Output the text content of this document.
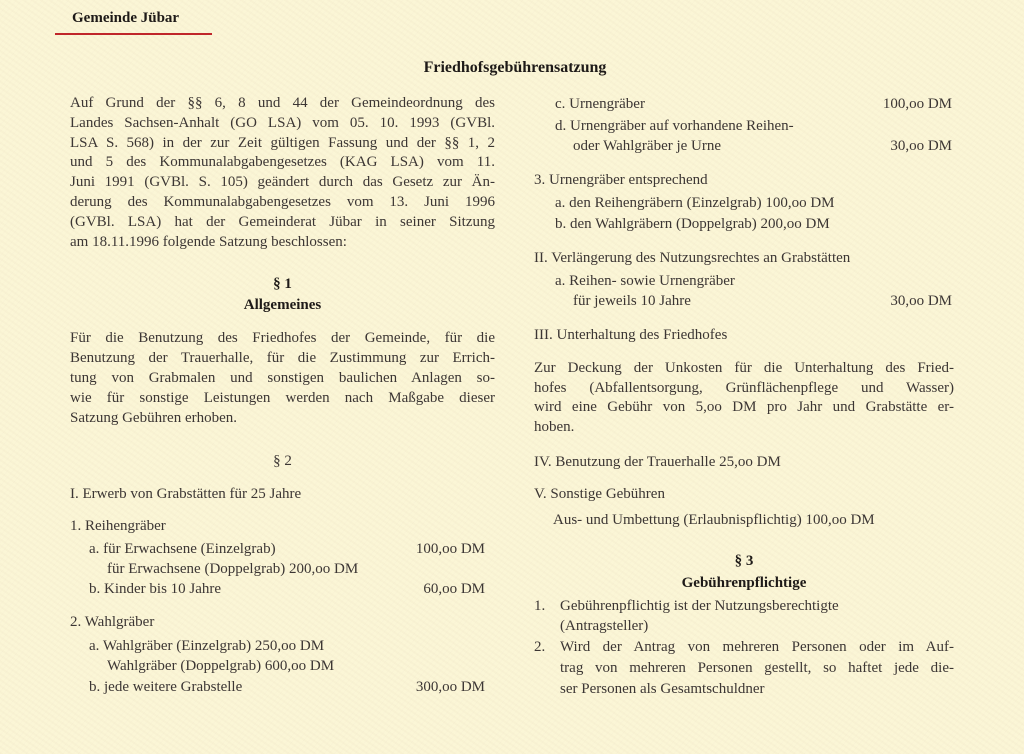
Gemeinde Jübar
Friedhofsgebührensatzung
Auf Grund der §§ 6, 8 und 44 der Gemeindeordnung des
Landes Sachsen-Anhalt (GO LSA) vom 05. 10. 1993 (GVBl.
LSA S. 568) in der zur Zeit gültigen Fassung und der §§ 1, 2
und 5 des Kommunalabgabengesetzes (KAG LSA) vom 11.
Juni 1991 (GVBl. S. 105) geändert durch das Gesetz zur Än-
derung des Kommunalabgabengesetzes vom 13. Juni 1996
(GVBl. LSA) hat der Gemeinderat Jübar in seiner Sitzung
am 18.11.1996 folgende Satzung beschlossen:
§ 1
Allgemeines
Für die Benutzung des Friedhofes der Gemeinde, für die
Benutzung der Trauerhalle, für die Zustimmung zur Errich-
tung von Grabmalen und sonstigen baulichen Anlagen so-
wie für sonstige Leistungen werden nach Maßgabe dieser
Satzung Gebühren erhoben.
§ 2
I. Erwerb von Grabstätten für 25 Jahre
1. Reihengräber
a. für Erwachsene (Einzelgrab)	100,oo DM
für Erwachsene (Doppelgrab) 200,oo DM
b. Kinder bis 10 Jahre	60,oo DM
2. Wahlgräber
a. Wahlgräber (Einzelgrab) 250,oo DM
Wahlgräber (Doppelgrab) 600,oo DM
b. jede weitere Grabstelle	300,oo DM
c. Urnengräber	100,oo DM
d. Urnengräber auf vorhandene Reihen-
oder Wahlgräber je Urne	30,oo DM
3. Urnengräber entsprechend
a. den Reihengräbern (Einzelgrab) 100,oo DM
b. den Wahlgräbern (Doppelgrab) 200,oo DM
II. Verlängerung des Nutzungsrechtes an Grabstätten
a. Reihen- sowie Urnengräber
für jeweils 10 Jahre	30,oo DM
III. Unterhaltung des Friedhofes
Zur Deckung der Unkosten für die Unterhaltung des Fried-
hofes (Abfallentsorgung, Grünflächenpflege und Wasser)
wird eine Gebühr von 5,oo DM pro Jahr und Grabstätte er-
hoben.
IV. Benutzung der Trauerhalle 25,oo DM
V. Sonstige Gebühren
Aus- und Umbettung (Erlaubnispflichtig) 100,oo DM
§ 3
Gebührenpflichtige
1. Gebührenpflichtig ist der Nutzungsberechtigte
(Antragsteller)
2. Wird der Antrag von mehreren Personen oder im Auf-
trag von mehreren Personen gestellt, so haftet jede die-
ser Personen als Gesamtschuldner
